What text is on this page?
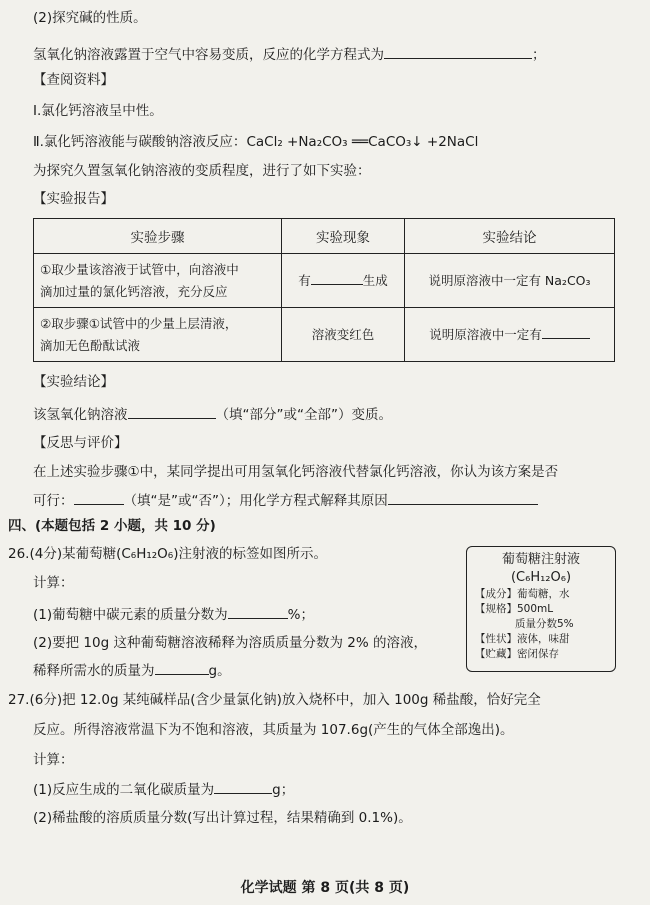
(2)探究碱的性质。
氢氧化钠溶液露置于空气中容易变质，反应的化学方程式为	；
【查阅资料】
Ⅰ.氯化钙溶液呈中性。
Ⅱ.氯化钙溶液能与碳酸钠溶液反应：CaCl₂ +Na₂CO₃ ══CaCO₃↓ +2NaCl
为探究久置氢氧化钠溶液的变质程度，进行了如下实验：
【实验报告】
实验步骤	实验现象	实验结论

①取少量该溶液于试管中，向溶液中
滴加过量的氯化钙溶液，充分反应	有 生成	说明原溶液中一定有 Na₂CO₃

②取步骤①试管中的少量上层清液，
滴加无色酚酞试液	溶液变红色	说明原溶液中一定有
【实验结论】
该氢氧化钠溶液	（填“部分”或“全部”）变质。
【反思与评价】
在上述实验步骤①中，某同学提出可用氢氧化钙溶液代替氯化钙溶液，你认为该方案是否
可行：	（填“是”或“否”）；用化学方程式解释其原因
四、(本题包括 2 小题，共 10 分)
26.(4分)某葡萄糖(C₆H₁₂O₆)注射液的标签如图所示。
计算：
(1)葡萄糖中碳元素的质量分数为	%；
(2)要把 10g 这种葡萄糖溶液稀释为溶质质量分数为 2% 的溶液，
稀释所需水的质量为	g。
葡萄糖注射液
(C₆H₁₂O₆)
【成分】葡萄糖，水
【规格】500mL
质量分数5%
【性状】液体，味甜
【贮藏】密闭保存
27.(6分)把 12.0g 某纯碱样品(含少量氯化钠)放入烧杯中，加入 100g 稀盐酸，恰好完全
反应。所得溶液常温下为不饱和溶液，其质量为 107.6g(产生的气体全部逸出)。
计算：
(1)反应生成的二氧化碳质量为	g；
(2)稀盐酸的溶质质量分数(写出计算过程，结果精确到 0.1%)。
化学试题 第 8 页(共 8 页)
